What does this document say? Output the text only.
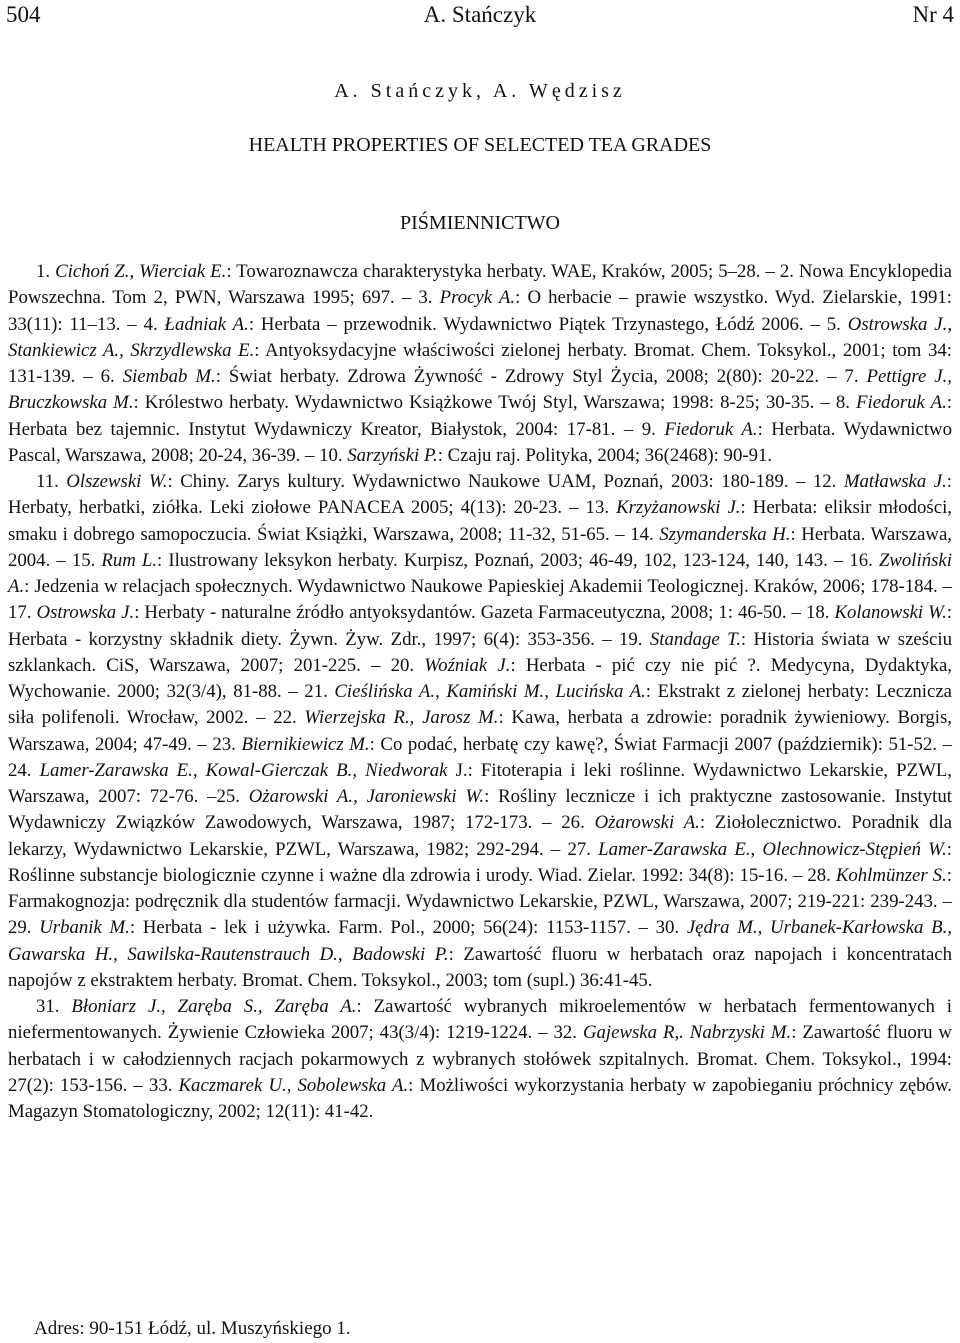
504	A. Stańczyk	Nr 4
A. Stańczyk, A. Wędzisz
HEALTH PROPERTIES OF SELECTED TEA GRADES
PIŚMIENNICTWO

1. Cichoń Z., Wierciak E.: Towaroznawcza charakterystyka herbaty. WAE, Kraków, 2005; 5–28. – 2. Nowa Encyklopedia Powszechna. Tom 2, PWN, Warszawa 1995; 697. – 3. Procyk A.: O herbacie – prawie wszystko. Wyd. Zielarskie, 1991: 33(11): 11–13. – 4. Ładniak A.: Herbata – przewodnik. Wydawnictwo Piątek Trzynastego, Łódź 2006. – 5. Ostrowska J., Stankiewicz A., Skrzydlewska E.: Antyoksydacyjne właściwości zielonej herbaty. Bromat. Chem. Toksykol., 2001; tom 34: 131-139. – 6. Siembab M.: Świat herbaty. Zdrowa Żywność - Zdrowy Styl Życia, 2008; 2(80): 20-22. – 7. Pettigre J., Bruczkowska M.: Królestwo herbaty. Wydawnictwo Książkowe Twój Styl, Warszawa; 1998: 8-25; 30-35. – 8. Fiedoruk A.: Herbata bez tajemnic. Instytut Wydawniczy Kreator, Białystok, 2004: 17-81. – 9. Fiedoruk A.: Herbata. Wydawnictwo Pascal, Warszawa, 2008; 20-24, 36-39. – 10. Sarzyński P.: Czaju raj. Polityka, 2004; 36(2468): 90-91.

11. Olszewski W.: Chiny. Zarys kultury. Wydawnictwo Naukowe UAM, Poznań, 2003: 180-189. – 12. Matławska J.: Herbaty, herbatki, ziółka. Leki ziołowe PANACEA 2005; 4(13): 20-23. – 13. Krzyżanowski J.: Herbata: eliksir młodości, smaku i dobrego samopoczucia. Świat Książki, Warszawa, 2008; 11-32, 51-65. – 14. Szymanderska H.: Herbata. Warszawa, 2004. – 15. Rum L.: Ilustrowany leksykon herbaty. Kurpisz, Poznań, 2003; 46-49, 102, 123-124, 140, 143. – 16. Zwoliński A.: Jedzenia w relacjach społecznych. Wydawnictwo Naukowe Papieskiej Akademii Teologicznej. Kraków, 2006; 178-184. – 17. Ostrowska J.: Herbaty - naturalne źródło antyoksydantów. Gazeta Farmaceutyczna, 2008; 1: 46-50. – 18. Kolanowski W.: Herbata - korzystny składnik diety. Żywn. Żyw. Zdr., 1997; 6(4): 353-356. – 19. Standage T.: Historia świata w sześciu szklankach. CiS, Warszawa, 2007; 201-225. – 20. Woźniak J.: Herbata - pić czy nie pić ?. Medycyna, Dydaktyka, Wychowanie. 2000; 32(3/4), 81-88. – 21. Cieślińska A., Kamiński M., Lucińska A.: Ekstrakt z zielonej herbaty: Lecznicza siła polifenoli. Wrocław, 2002. – 22. Wierzejska R., Jarosz M.: Kawa, herbata a zdrowie: poradnik żywieniowy. Borgis, Warszawa, 2004; 47-49. – 23. Biernikiewicz M.: Co podać, herbatę czy kawę?, Świat Farmacji 2007 (październik): 51-52. – 24. Lamer-Zarawska E., Kowal-Gierczak B., Niedworak J.: Fitoterapia i leki roślinne. Wydawnictwo Lekarskie, PZWL, Warszawa, 2007: 72-76. –25. Ożarowski A., Jaroniewski W.: Rośliny lecznicze i ich praktyczne zastosowanie. Instytut Wydawniczy Związków Zawodowych, Warszawa, 1987; 172-173. – 26. Ożarowski A.: Ziołolecznictwo. Poradnik dla lekarzy, Wydawnictwo Lekarskie, PZWL, Warszawa, 1982; 292-294. – 27. Lamer-Zarawska E., Olechnowicz-Stępień W.: Roślinne substancje biologicznie czynne i ważne dla zdrowia i urody. Wiad. Zielar. 1992: 34(8): 15-16. – 28. Kohlmünzer S.: Farmakognozja: podręcznik dla studentów farmacji. Wydawnictwo Lekarskie, PZWL, Warszawa, 2007; 219-221: 239-243. – 29. Urbanik M.: Herbata - lek i używka. Farm. Pol., 2000; 56(24): 1153-1157. – 30. Jędra M., Urbanek-Karłowska B., Gawarska H., Sawilska-Rautenstrauch D., Badowski P.: Zawartość fluoru w herbatach oraz napojach i koncentratach napojów z ekstraktem herbaty. Bromat. Chem. Toksykol., 2003; tom (supl.) 36:41-45.

31. Błoniarz J., Zaręba S., Zaręba A.: Zawartość wybranych mikroelementów w herbatach fermentowanych i niefermentowanych. Żywienie Człowieka 2007; 43(3/4): 1219-1224. – 32. Gajewska R,. Nabrzyski M.: Zawartość fluoru w herbatach i w całodziennych racjach pokarmowych z wybranych stołówek szpitalnych. Bromat. Chem. Toksykol., 1994: 27(2): 153-156. – 33. Kaczmarek U., Sobolewska A.: Możliwości wykorzystania herbaty w zapobieganiu próchnicy zębów. Magazyn Stomatologiczny, 2002; 12(11): 41-42.

Adres: 90-151 Łódź, ul. Muszyńskiego 1.
